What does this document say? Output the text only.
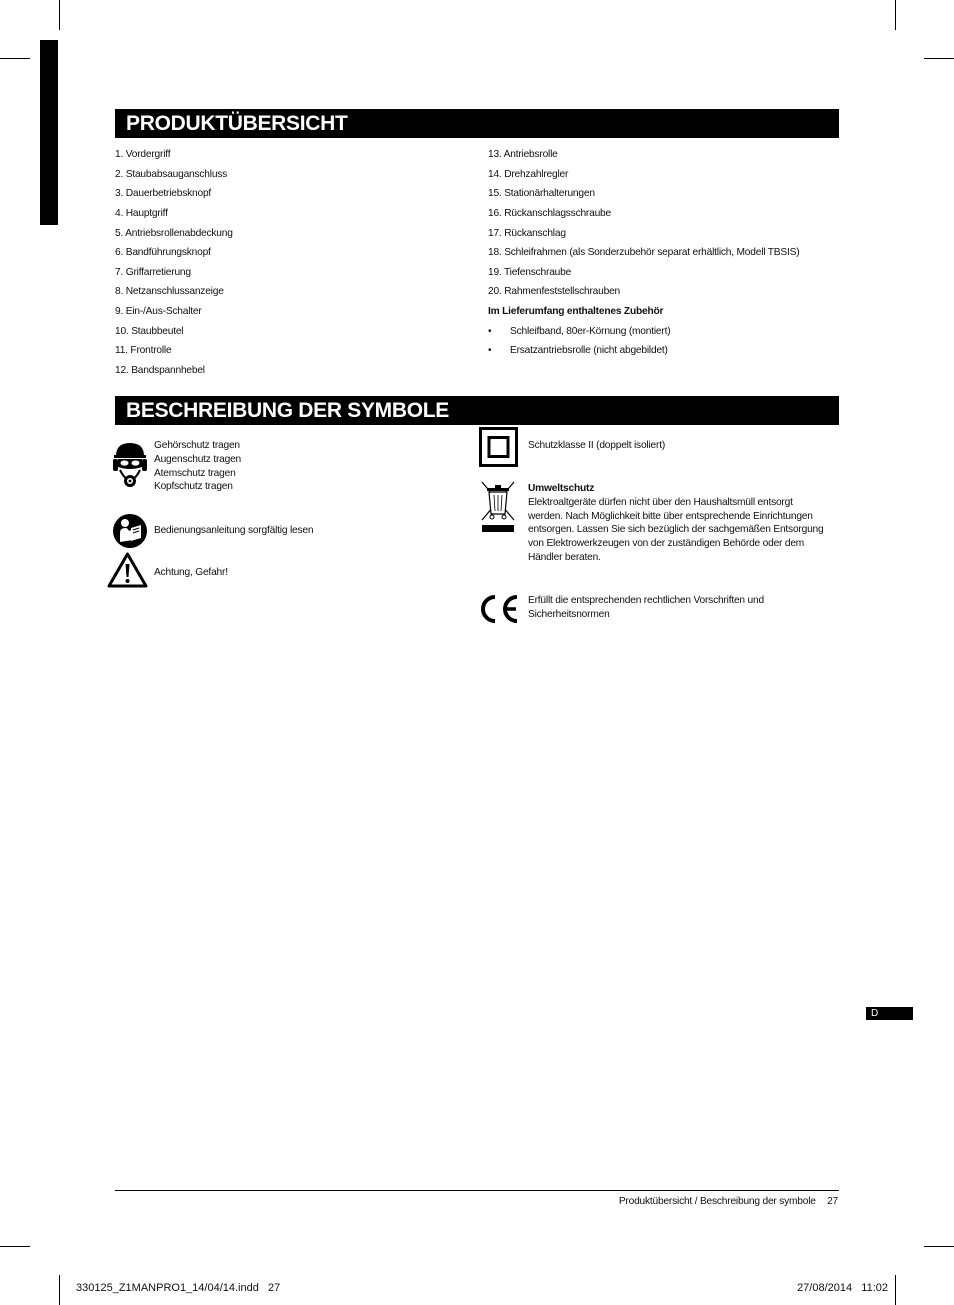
PRODUKTÜBERSICHT
1. Vordergriff
2. Staubabsauganschluss
3. Dauerbetriebsknopf
4. Hauptgriff
5. Antriebsrollenabdeckung
6. Bandführungsknopf
7. Griffarretierung
8. Netzanschlussanzeige
9. Ein-/Aus-Schalter
10. Staubbeutel
11. Frontrolle
12. Bandspannhebel
13. Antriebsrolle
14. Drehzahlregler
15. Stationärhalterungen
16. Rückanschlagsschraube
17. Rückanschlag
18. Schleifrahmen (als Sonderzubehör separat erhältlich, Modell TBSIS)
19. Tiefenschraube
20. Rahmenfeststellschrauben
Im Lieferumfang enthaltenes Zubehör
•	Schleifband, 80er-Körnung (montiert)
•	Ersatzantriebsrolle (nicht abgebildet)
BESCHREIBUNG DER SYMBOLE
Gehörschutz tragen
Augenschutz tragen
Atemschutz tragen
Kopfschutz tragen
Bedienungsanleitung sorgfältig lesen
Achtung, Gefahr!
Schutzklasse II (doppelt isoliert)
Umweltschutz
Elektroaltgeräte dürfen nicht über den Haushaltsmüll entsorgt
werden. Nach Möglichkeit bitte über entsprechende Einrichtungen
entsorgen. Lassen Sie sich bezüglich der sachgemäßen Entsorgung
von Elektrowerkzeugen von der zuständigen Behörde oder dem
Händler beraten.
Erfüllt die entsprechenden rechtlichen Vorschriften und
Sicherheitsnormen
D
Produktübersicht / Beschreibung der symbole 27
330125_Z1MANPRO1_14/04/14.indd   27	27/08/2014   11:02
